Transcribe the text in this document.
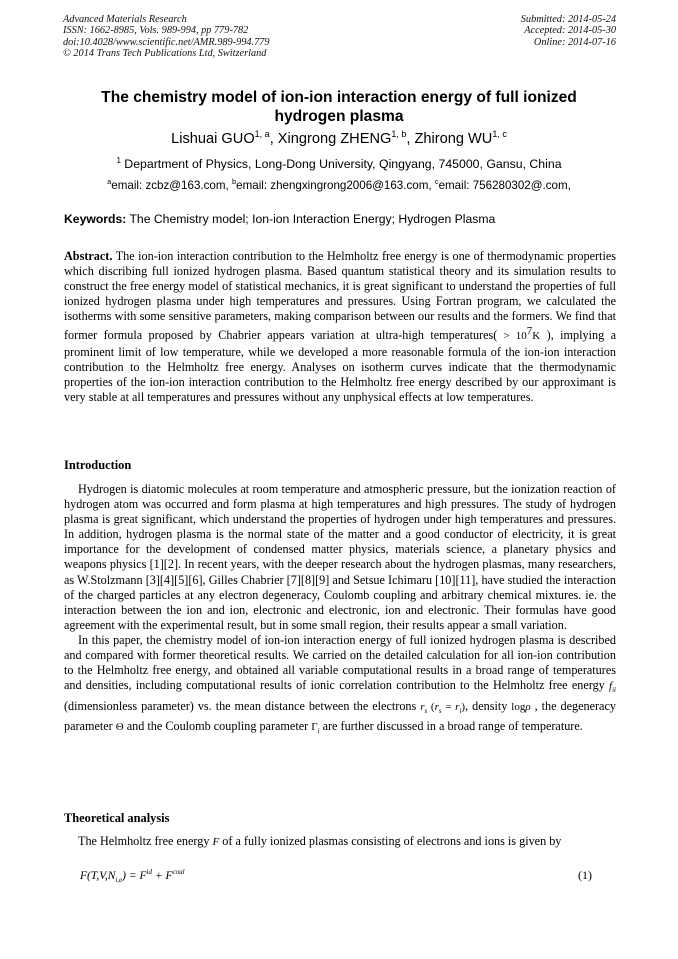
Advanced Materials Research
ISSN: 1662-8985, Vols. 989-994, pp 779-782
doi:10.4028/www.scientific.net/AMR.989-994.779
© 2014 Trans Tech Publications Ltd, Switzerland
Submitted: 2014-05-24
Accepted: 2014-05-30
Online: 2014-07-16
The chemistry model of ion-ion interaction energy of full ionized
hydrogen plasma
Lishuai GUO$^{1, a}$, Xingrong ZHENG$^{1, b}$, Zhirong WU$^{1, c}$
$^1$ Department of Physics, Long-Dong University, Qingyang, 745000, Gansu, China
$^a$email: zcbz@163.com, $^b$email: zhengxingrong2006@163.com, $^c$email: 756280302@.com,
Keywords: The Chemistry model; Ion-ion Interaction Energy; Hydrogen Plasma
Abstract. The ion-ion interaction contribution to the Helmholtz free energy is one of thermodynamic properties which discribing full ionized hydrogen plasma. Based quantum statistical theory and its simulation results to construct the free energy model of statistical mechanics, it is great significant to understand the properties of full ionized hydrogen plasma under high temperatures and pressures. Using Fortran program, we calculated the isotherms with some sensitive parameters, making comparison between our results and the formers. We find that former formula proposed by Chabrier appears variation at ultra-high temperatures( > $10^7K$ ), implying a prominent limit of low temperature, while we developed a more reasonable formula of the ion-ion interaction contribution to the Helmholtz free energy. Analyses on isotherm curves indicate that the thermodynamic properties of the ion-ion interaction contribution to the Helmholtz free energy described by our approximant is very stable at all temperatures and pressures without any unphysical effects at low temperatures.
Introduction

Hydrogen is diatomic molecules at room temperature and atmospheric pressure, but the ionization reaction of hydrogen atom was occurred and form plasma at high temperatures and high pressures. The study of hydrogen plasma is great significant, which understand the properties of hydrogen under high temperatures and pressures. In addition, hydrogen plasma is the normal state of the matter and a good conductor of electricity, it is great importance for the development of condensed matter physics, materials science, a planetary physics and weapons physics [1][2]. In recent years, with the deeper research about the hydrogen plasmas, many researchers, as W.Stolzmann [3][4][5][6], Gilles Chabrier [7][8][9] and Setsue Ichimaru [10][11], have studied the interaction of the charged particles at any electron degeneracy, Coulomb coupling and arbitrary chemical mixtures. ie. the interaction between the ion and ion, electronic and electronic, ion and electronic. Their formulas have good agreement with the experimental result, but in some small region, their results appear a small variation.

In this paper, the chemistry model of ion-ion interaction energy of full ionized hydrogen plasma is described and compared with former theoretical results. We carried on the detailed calculation for all ion-ion contribution to the Helmholtz free energy, and obtained all variable computational results in a broad range of temperatures and densities, including computational results of ionic correlation contribution to the Helmholtz free energy $f_{ii}$ (dimensionless parameter) vs. the mean distance between the electrons $r_s$ $(r_s = r_i)$, density logρ , the degeneracy parameter Θ and the Coulomb coupling parameter $\Gamma_i$ are further discussed in a broad range of temperature.

Theoretical analysis

The Helmholtz free energy F of a fully ionized plasmas consisting of electrons and ions is given by

$F(T,V,N_{i,e}) = F^{id} + F^{coul}$	(1)
